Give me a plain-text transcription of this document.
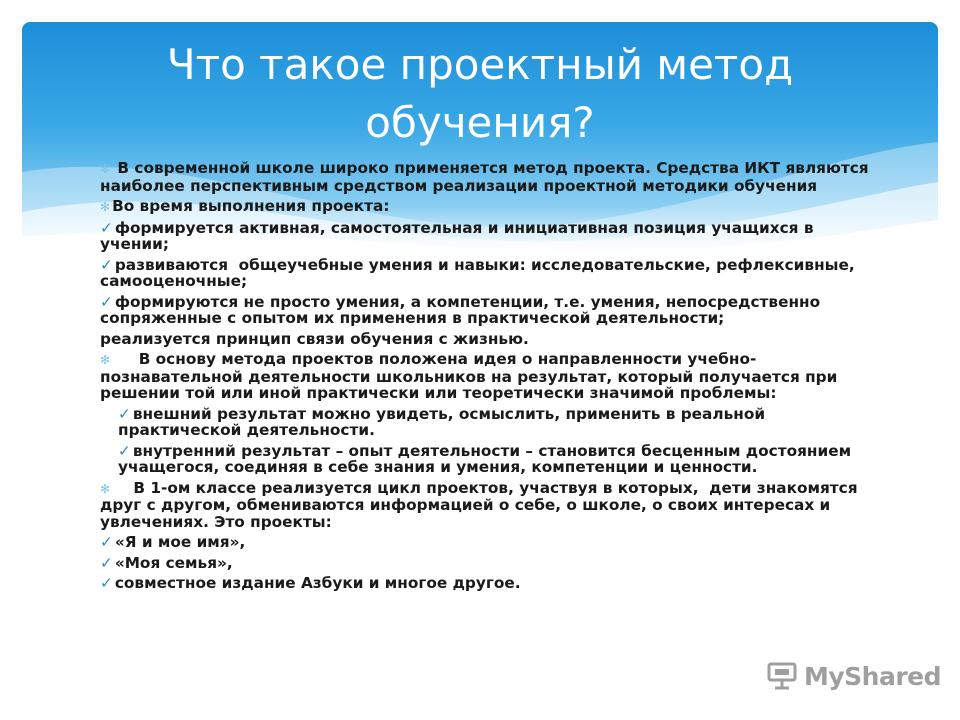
Что такое проектный метод обучения?
✻ В современной школе широко применяется метод проекта. Средства ИКТ являются наиболее перспективным средством реализации проектной методики обучения
✻ Во время выполнения проекта:
✓ формируется активная, самостоятельная и инициативная позиция учащихся в учении;
✓ развиваются  общеучебные умения и навыки: исследовательские, рефлексивные, самооценочные;
✓ формируются не просто умения, а компетенции, т.е. умения, непосредственно сопряженные с опытом их применения в практической деятельности;
реализуется принцип связи обучения с жизнью.
✻     В основу метода проектов положена идея о направленности учебно-познавательной деятельности школьников на результат, который получается при решении той или иной практически или теоретически значимой проблемы:
✓ внешний результат можно увидеть, осмыслить, применить в реальной практической деятельности.
✓ внутренний результат – опыт деятельности – становится бесценным достоянием учащегося, соединяя в себе знания и умения, компетенции и ценности.
✻    В 1-ом классе реализуется цикл проектов, участвуя в которых,  дети знакомятся друг с другом, обмениваются информацией о себе, о школе, о своих интересах и увлечениях. Это проекты:
✓ «Я и мое имя»,
✓ «Моя семья»,
✓ совместное издание Азбуки и многое другое.
MyShared
